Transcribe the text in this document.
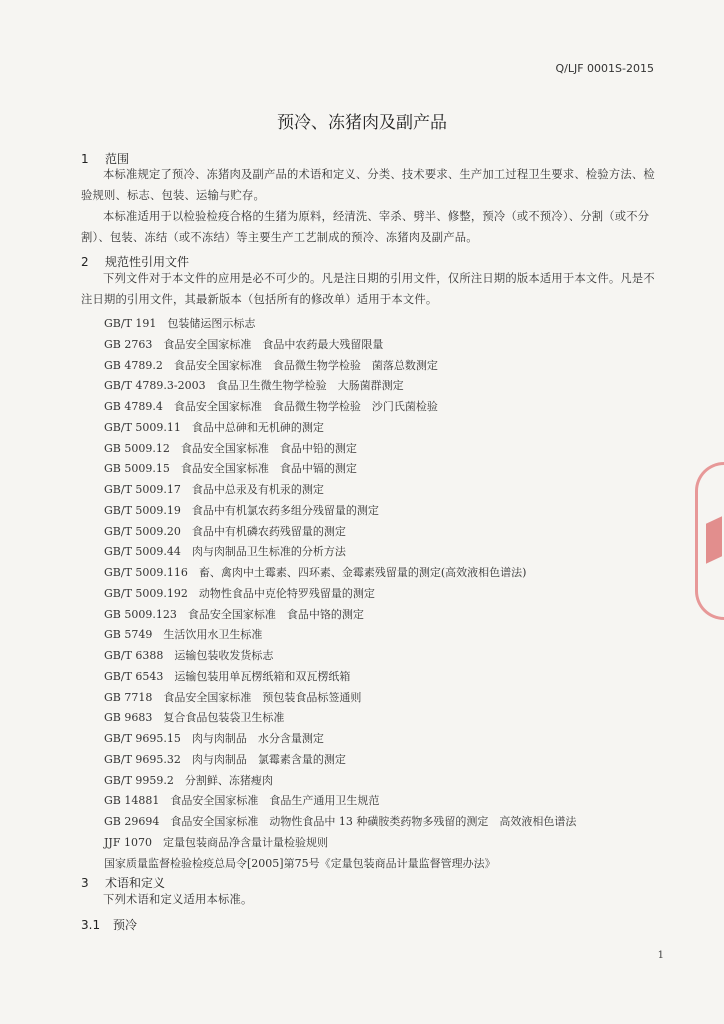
Q/LJF 0001S-2015
预冷、冻猪肉及副产品
1 范围
本标准规定了预冷、冻猪肉及副产品的术语和定义、分类、技术要求、生产加工过程卫生要求、检验方法、检验规则、标志、包装、运输与贮存。
本标准适用于以检验检疫合格的生猪为原料，经清洗、宰杀、劈半、修整，预冷（或不预冷）、分割（或不分割）、包装、冻结（或不冻结）等主要生产工艺制成的预冷、冻猪肉及副产品。
2 规范性引用文件
下列文件对于本文件的应用是必不可少的。凡是注日期的引用文件，仅所注日期的版本适用于本文件。凡是不注日期的引用文件，其最新版本（包括所有的修改单）适用于本文件。
GB/T 191　包装储运图示标志
GB 2763　食品安全国家标准　食品中农药最大残留限量
GB 4789.2　食品安全国家标准　食品微生物学检验　菌落总数测定
GB/T 4789.3-2003　食品卫生微生物学检验　大肠菌群测定
GB 4789.4　食品安全国家标准　食品微生物学检验　沙门氏菌检验
GB/T 5009.11　食品中总砷和无机砷的测定
GB 5009.12　食品安全国家标准　食品中铅的测定
GB 5009.15　食品安全国家标准　食品中镉的测定
GB/T 5009.17　食品中总汞及有机汞的测定
GB/T 5009.19　食品中有机氯农药多组分残留量的测定
GB/T 5009.20　食品中有机磷农药残留量的测定
GB/T 5009.44　肉与肉制品卫生标准的分析方法
GB/T 5009.116　畜、禽肉中土霉素、四环素、金霉素残留量的测定(高效液相色谱法)
GB/T 5009.192　动物性食品中克伦特罗残留量的测定
GB 5009.123　食品安全国家标准　食品中铬的测定
GB 5749　生活饮用水卫生标准
GB/T 6388　运输包装收发货标志
GB/T 6543　运输包装用单瓦楞纸箱和双瓦楞纸箱
GB 7718　食品安全国家标准　预包装食品标签通则
GB 9683　复合食品包装袋卫生标准
GB/T 9695.15　肉与肉制品　水分含量测定
GB/T 9695.32　肉与肉制品　氯霉素含量的测定
GB/T 9959.2　分割鲜、冻猪瘦肉
GB 14881　食品安全国家标准　食品生产通用卫生规范
GB 29694　食品安全国家标准　动物性食品中 13 种磺胺类药物多残留的测定　高效液相色谱法
JJF 1070　定量包装商品净含量计量检验规则
国家质量监督检验检疫总局令[2005]第75号《定量包装商品计量监督管理办法》
3 术语和定义
下列术语和定义适用本标准。
3.1 预冷
1
